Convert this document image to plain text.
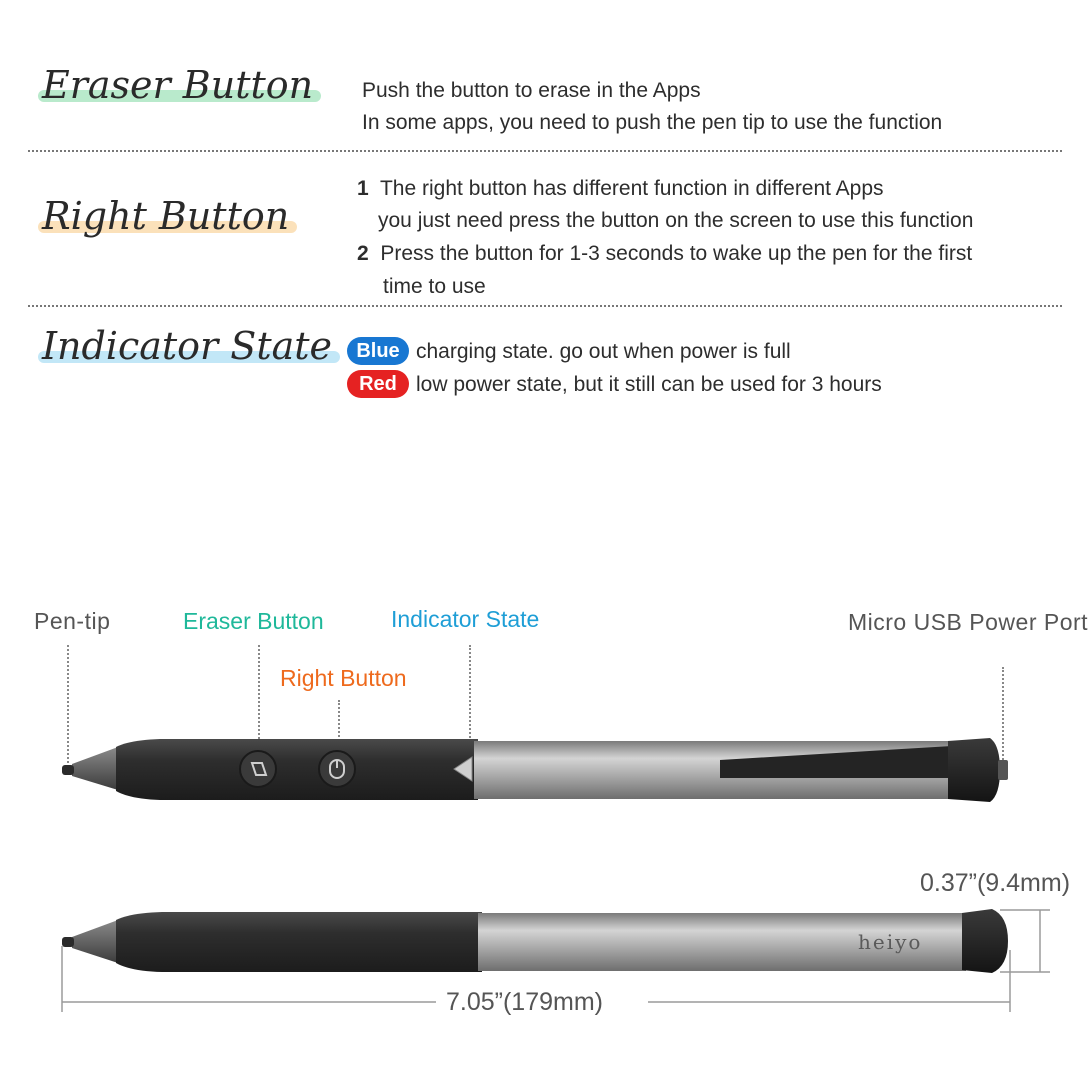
Eraser Button Push the button to erase in the Apps
In some apps, you need to push the pen tip to use the function
Right Button
1 The right button has different function in different Apps
you just need press the button on the screen to use this function
2 Press the button for 1-3 seconds to wake up the pen for the first
time to use
Indicator State	Blue charging state. go out when power is full
Red low power state, but it still can be used for 3 hours
Pen-tip	Eraser Button	Indicator State
Right Button
Micro USB Power Port
heiyo
0.37”(9.4mm)
7.05”(179mm)
